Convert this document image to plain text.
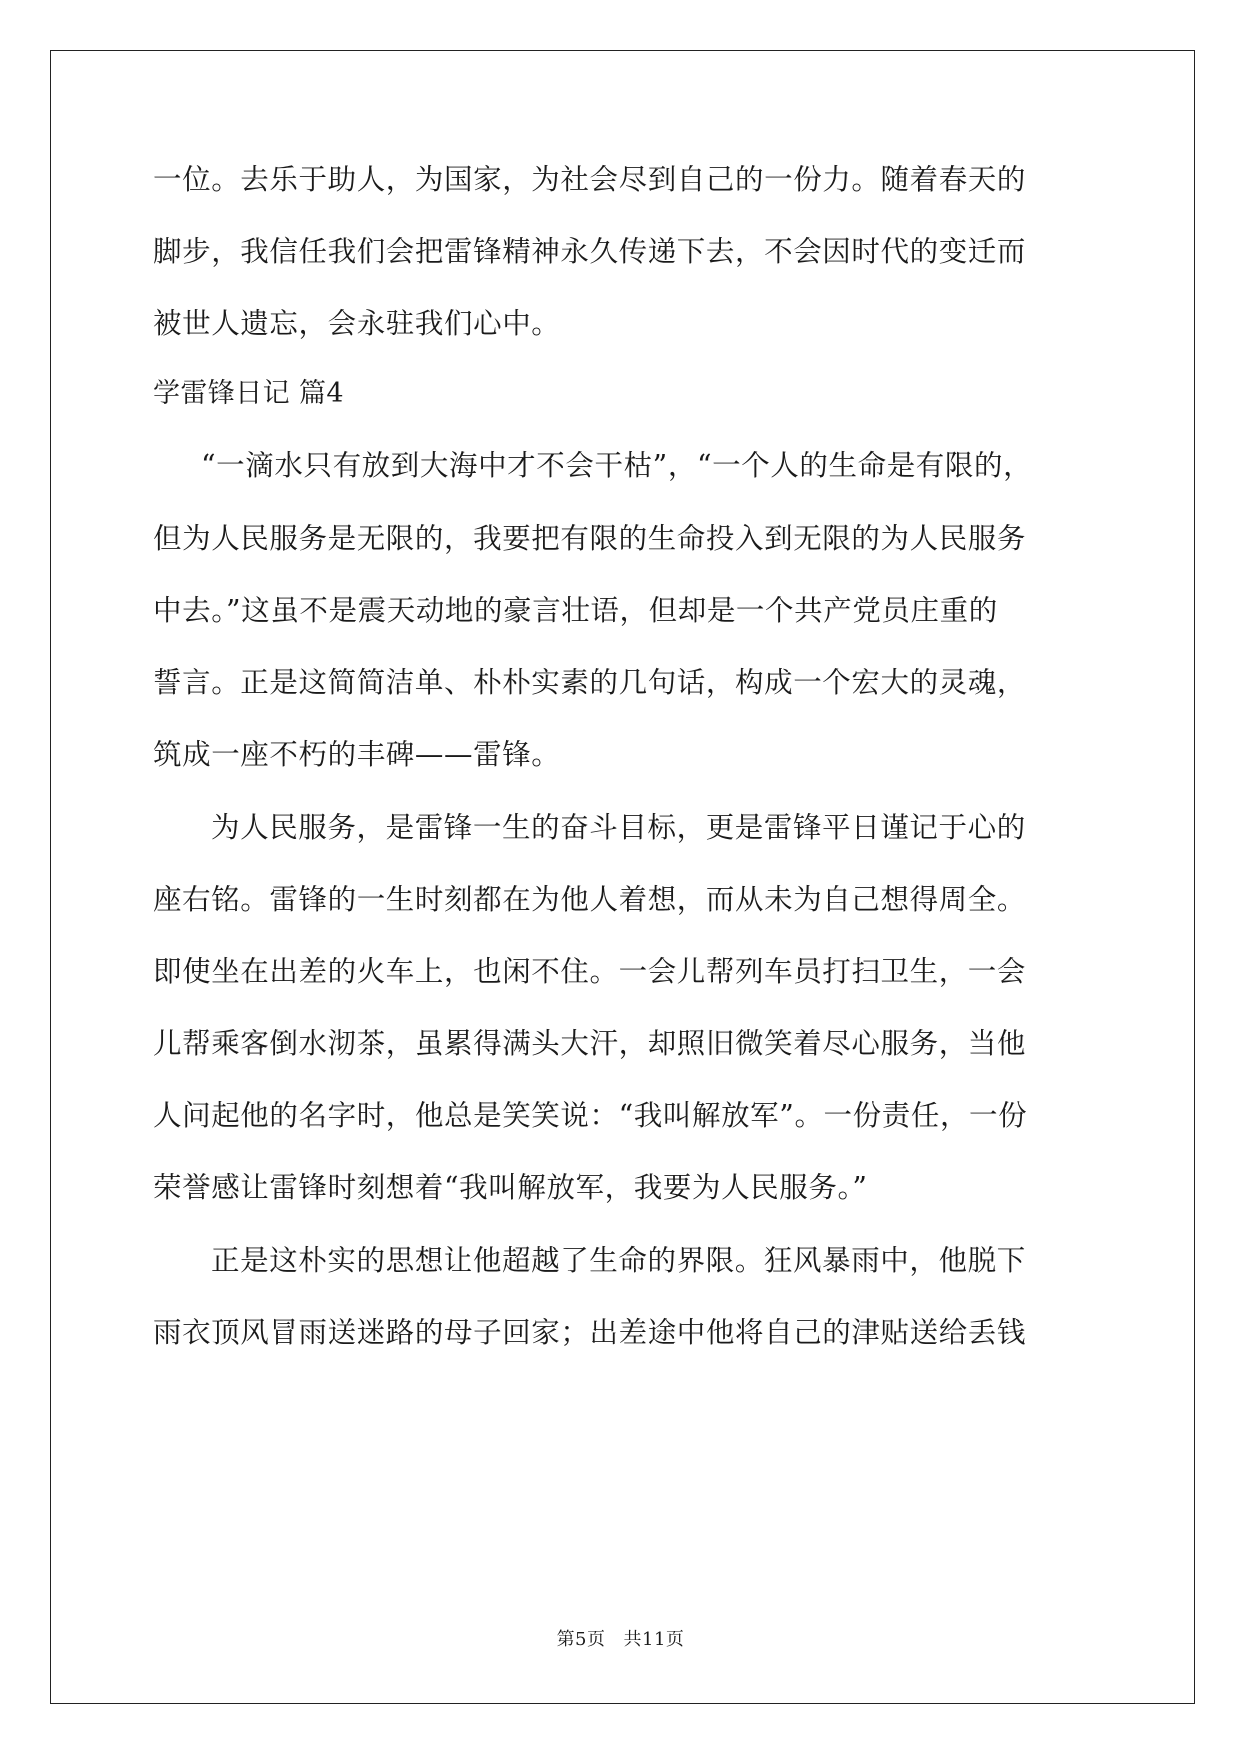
一位。去乐于助人，为国家，为社会尽到自己的一份力。随着春天的
脚步，我信任我们会把雷锋精神永久传递下去，不会因时代的变迁而
被世人遗忘，会永驻我们心中。
学雷锋日记 篇4
“一滴水只有放到大海中才不会干枯”，“一个人的生命是有限的，
但为人民服务是无限的，我要把有限的生命投入到无限的为人民服务
中去。”这虽不是震天动地的豪言壮语，但却是一个共产党员庄重的
誓言。正是这简简洁单、朴朴实素的几句话，构成一个宏大的灵魂，
筑成一座不朽的丰碑——雷锋。
为人民服务，是雷锋一生的奋斗目标，更是雷锋平日谨记于心的
座右铭。雷锋的一生时刻都在为他人着想，而从未为自己想得周全。
即使坐在出差的火车上，也闲不住。一会儿帮列车员打扫卫生，一会
儿帮乘客倒水沏茶，虽累得满头大汗，却照旧微笑着尽心服务，当他
人问起他的名字时，他总是笑笑说：“我叫解放军”。一份责任，一份
荣誉感让雷锋时刻想着“我叫解放军，我要为人民服务。”
正是这朴实的思想让他超越了生命的界限。狂风暴雨中，他脱下
雨衣顶风冒雨送迷路的母子回家；出差途中他将自己的津贴送给丢钱
第5页 共11页
